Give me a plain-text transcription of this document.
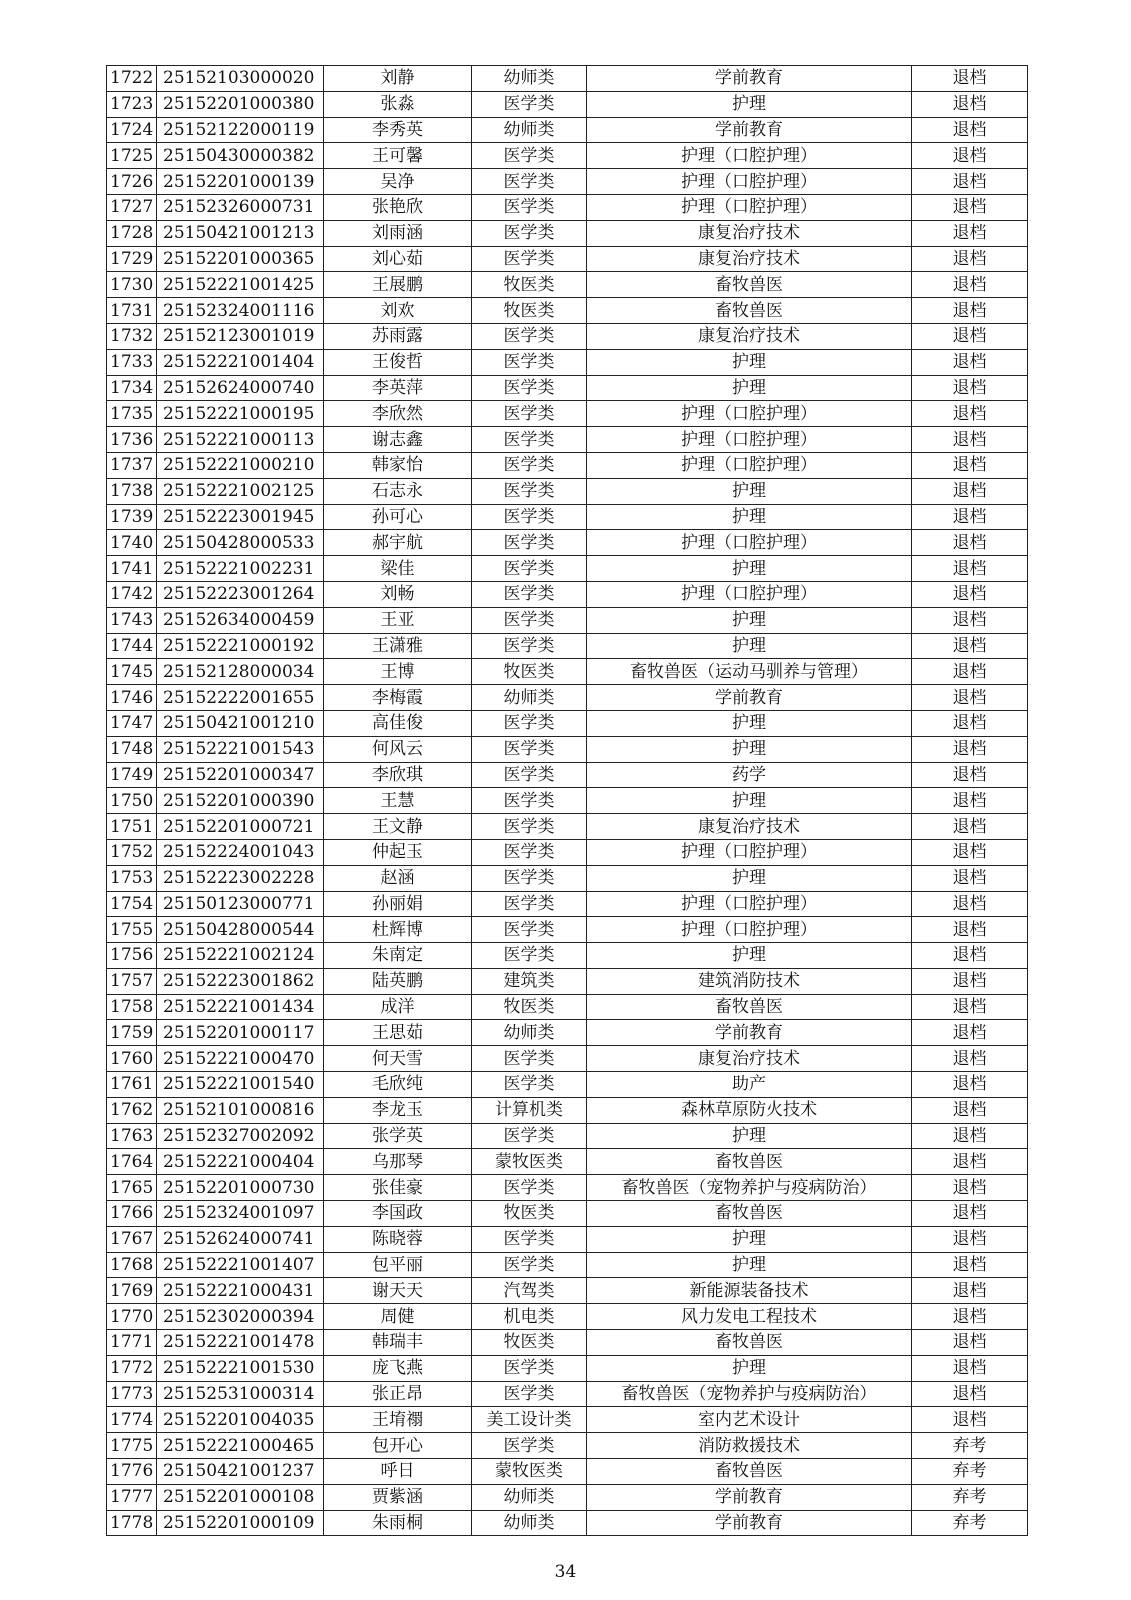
1722	25152103000020	刘静	幼师类	学前教育	退档
1723	25152201000380	张淼	医学类	护理	退档
1724	25152122000119	李秀英	幼师类	学前教育	退档
1725	25150430000382	王可馨	医学类	护理（口腔护理）	退档
1726	25152201000139	吴净	医学类	护理（口腔护理）	退档
1727	25152326000731	张艳欣	医学类	护理（口腔护理）	退档
1728	25150421001213	刘雨涵	医学类	康复治疗技术	退档
1729	25152201000365	刘心茹	医学类	康复治疗技术	退档
1730	25152221001425	王展鹏	牧医类	畜牧兽医	退档
1731	25152324001116	刘欢	牧医类	畜牧兽医	退档
1732	25152123001019	苏雨露	医学类	康复治疗技术	退档
1733	25152221001404	王俊哲	医学类	护理	退档
1734	25152624000740	李英萍	医学类	护理	退档
1735	25152221000195	李欣然	医学类	护理（口腔护理）	退档
1736	25152221000113	谢志鑫	医学类	护理（口腔护理）	退档
1737	25152221000210	韩家怡	医学类	护理（口腔护理）	退档
1738	25152221002125	石志永	医学类	护理	退档
1739	25152223001945	孙可心	医学类	护理	退档
1740	25150428000533	郝宇航	医学类	护理（口腔护理）	退档
1741	25152221002231	梁佳	医学类	护理	退档
1742	25152223001264	刘畅	医学类	护理（口腔护理）	退档
1743	25152634000459	王亚	医学类	护理	退档
1744	25152221000192	王潇雅	医学类	护理	退档
1745	25152128000034	王博	牧医类	畜牧兽医（运动马驯养与管理）	退档
1746	25152222001655	李梅霞	幼师类	学前教育	退档
1747	25150421001210	高佳俊	医学类	护理	退档
1748	25152221001543	何风云	医学类	护理	退档
1749	25152201000347	李欣琪	医学类	药学	退档
1750	25152201000390	王慧	医学类	护理	退档
1751	25152201000721	王文静	医学类	康复治疗技术	退档
1752	25152224001043	仲起玉	医学类	护理（口腔护理）	退档
1753	25152223002228	赵涵	医学类	护理	退档
1754	25150123000771	孙丽娟	医学类	护理（口腔护理）	退档
1755	25150428000544	杜辉博	医学类	护理（口腔护理）	退档
1756	25152221002124	朱南定	医学类	护理	退档
1757	25152223001862	陆英鹏	建筑类	建筑消防技术	退档
1758	25152221001434	成洋	牧医类	畜牧兽医	退档
1759	25152201000117	王思茹	幼师类	学前教育	退档
1760	25152221000470	何天雪	医学类	康复治疗技术	退档
1761	25152221001540	毛欣纯	医学类	助产	退档
1762	25152101000816	李龙玉	计算机类	森林草原防火技术	退档
1763	25152327002092	张学英	医学类	护理	退档
1764	25152221000404	乌那琴	蒙牧医类	畜牧兽医	退档
1765	25152201000730	张佳豪	医学类	畜牧兽医（宠物养护与疫病防治）	退档
1766	25152324001097	李国政	牧医类	畜牧兽医	退档
1767	25152624000741	陈晓蓉	医学类	护理	退档
1768	25152221001407	包平丽	医学类	护理	退档
1769	25152221000431	谢天天	汽驾类	新能源装备技术	退档
1770	25152302000394	周健	机电类	风力发电工程技术	退档
1771	25152221001478	韩瑞丰	牧医类	畜牧兽医	退档
1772	25152221001530	庞飞燕	医学类	护理	退档
1773	25152531000314	张正昂	医学类	畜牧兽医（宠物养护与疫病防治）	退档
1774	25152201004035	王堉禤	美工设计类	室内艺术设计	退档
1775	25152221000465	包开心	医学类	消防救援技术	弃考
1776	25150421001237	呼日	蒙牧医类	畜牧兽医	弃考
1777	25152201000108	贾紫涵	幼师类	学前教育	弃考
1778	25152201000109	朱雨桐	幼师类	学前教育	弃考
34
